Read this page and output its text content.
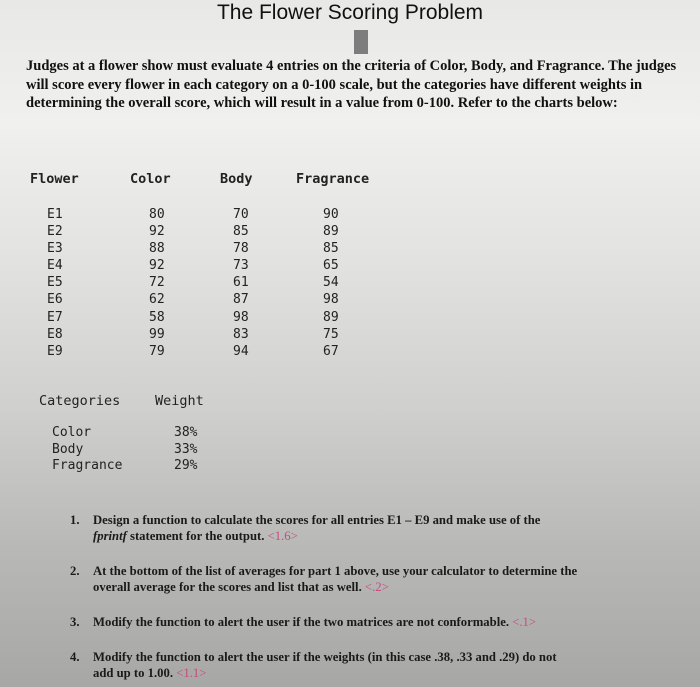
The Flower Scoring Problem
Judges at a flower show must evaluate 4 entries on the criteria of Color, Body, and Fragrance. The judges will score every flower in each category on a 0-100 scale, but the categories have different weights in determining the overall score, which will result in a value from 0-100. Refer to the charts below:
Flower	Color	Body	Fragrance
E1	80	70	90
E2	92	85	89
E3	88	78	85
E4	92	73	65
E5	72	61	54
E6	62	87	98
E7	58	98	89
E8	99	83	75
E9	79	94	67
Categories	Weight
Color	38%
Body	33%
Fragrance	29%
1. Design a function to calculate the scores for all entries E1 – E9 and make use of the
fprintf statement for the output. <1.6>
2. At the bottom of the list of averages for part 1 above, use your calculator to determine the
overall average for the scores and list that as well. <.2>
3. Modify the function to alert the user if the two matrices are not conformable. <.1>
4. Modify the function to alert the user if the weights (in this case .38, .33 and .29) do not
add up to 1.00. <1.1>
